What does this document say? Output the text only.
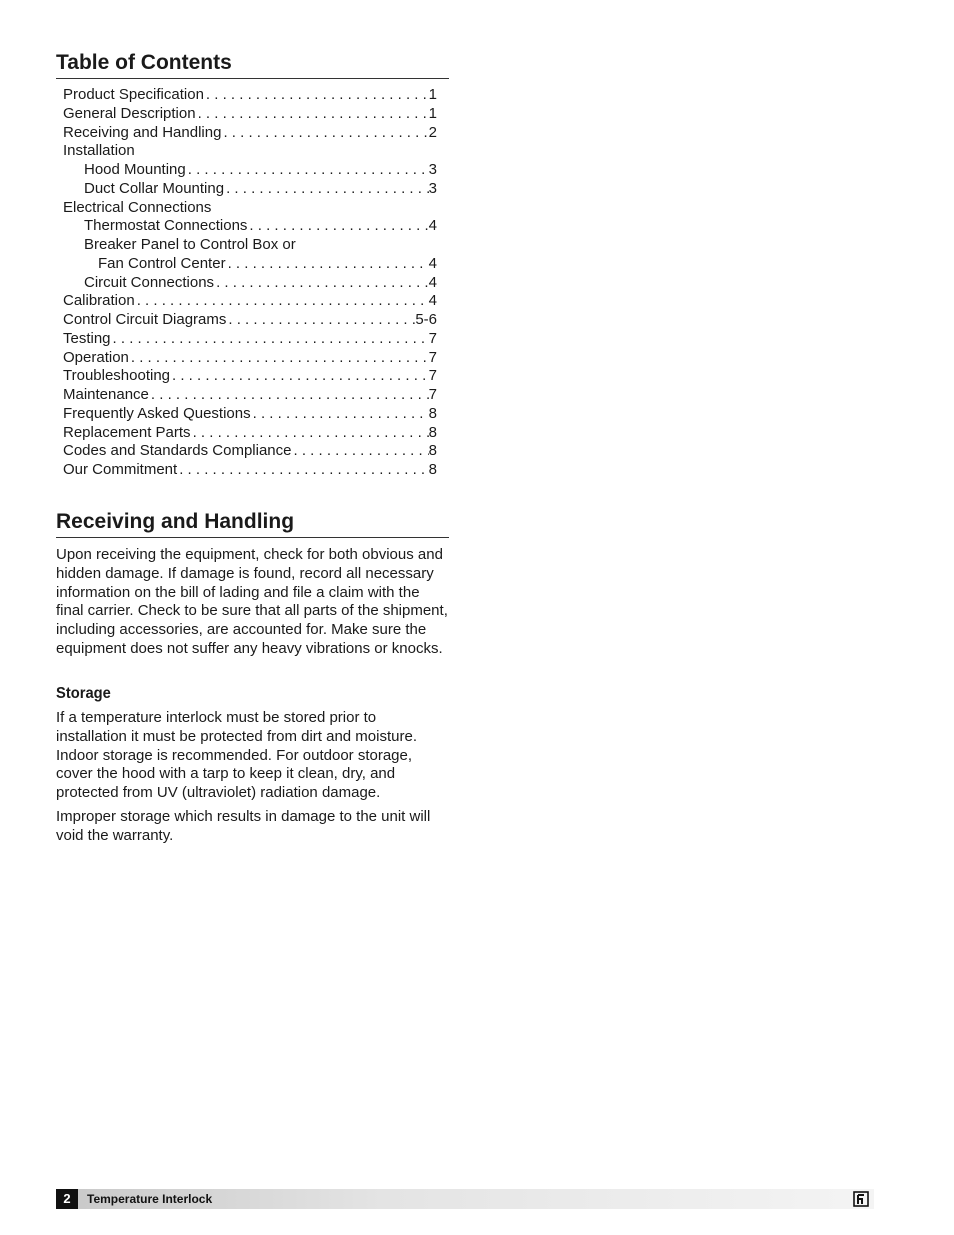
Table of Contents
Product Specification . . .	1
General Description . . .	1
Receiving and Handling . . .	2
Installation
Hood Mounting . . .	3
Duct Collar Mounting . . .	3
Electrical Connections
Thermostat Connections . . .	4
Breaker Panel to Control Box or
Fan Control Center . . .	4
Circuit Connections . . .	4
Calibration . . .	4
Control Circuit Diagrams . . .	5-6
Testing . . .	7
Operation . . .	7
Troubleshooting . . .	7
Maintenance . . .	7
Frequently Asked Questions . . .	8
Replacement Parts . . .	8
Codes and Standards Compliance . . .	8
Our Commitment . . .	8
Receiving and Handling

Upon receiving the equipment, check for both obvious and hidden damage. If damage is found, record all necessary information on the bill of lading and file a claim with the final carrier. Check to be sure that all parts of the shipment, including accessories, are accounted for. Make sure the equipment does not suffer any heavy vibrations or knocks.

Storage

If a temperature interlock must be stored prior to installation it must be protected from dirt and moisture. Indoor storage is recommended. For outdoor storage, cover the hood with a tarp to keep it clean, dry, and protected from UV (ultraviolet) radiation damage.

Improper storage which results in damage to the unit will void the warranty.

2	Temperature Interlock
